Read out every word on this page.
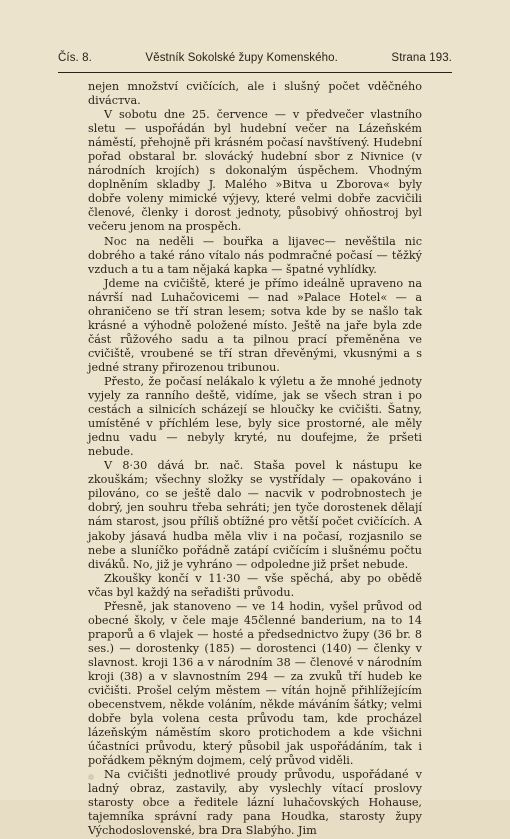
Čís. 8.	Věstník Sokolské župy Komenského.	Strana 193.

nejen množství cvičících, ale i slušný počet vděčného divácтva.

V sobotu dne 25. července — v předvečer vlastního sletu — uspořádán byl hudební večer na Lázeňském náměstí, přehojně při krásném počasí navštívený. Hudební pořad obstaral br. slovácký hudební sbor z Nivnice (v národních krojích) s dokonalým úspěchem. Vhodným doplněním skladby J. Malého »Bitva u Zborova« byly dobře voleny mimické výjevy, které velmi dobře zacvičili členové, členky i dorost jednoty, působivý ohňostroj byl večeru jenom na prospěch.

Noc na neděli — bouřka a lijavec— nevěštila nic dobrého a také ráno vítalo nás podmračné počasí — těžký vzduch a tu a tam nějaká kapka — špatné vyhlídky.

Jdeme na cvičiště, které je přímo ideálně upraveno na návrší nad Luhačovicemi — nad »Palace Hotel« — a ohraničeno se tří stran lesem; sotva kde by se našlo tak krásné a výhodně položené místo. Ještě na jaře byla zde část růžového sadu a ta pilnou prací přeměněna ve cvičiště, vroubené se tří stran dřevěnými, vkusnými a s jedné strany přirozenou tribunou.

Přesto, že počasí nelákalo k výletu a že mnohé jednoty vyjely za ranního deště, vidíme, jak se všech stran i po cestách a silnicích scházejí se hloučky ke cvičišti. Šatny, umístěné v příchlém lese, byly sice prostorné, ale měly jednu vadu — nebyly kryté, nu doufejme, že pršeti nebude.

V 8·30 dává br. nač. Staša povel k nástupu ke zkouškám; všechny složky se vystřídaly — opakováno i pilováno, co se ještě dalo — nacvik v podrobnostech je dobrý, jen souhru třeba sehráti; jen tyče dorostenek dělají nám starost, jsou příliš obtížné pro větší počet cvičících. A jakoby jásavá hudba měla vliv i na počasí, rozjasnilo se nebe a sluníčko pořádně zatápí cvičícím i slušnému počtu diváků. No, již je vyhráno — odpoledne již pršet nebude.

Zkoušky končí v 11·30 — vše spěchá, aby po obědě včas byl každý na seřadišti průvodu.

Přesně, jak stanoveno — ve 14 hodin, vyšel průvod od obecné školy, v čele maje 45členné banderium, na to 14 praporů a 6 vlajek — hosté a předsednictvo župy (36 br. 8 ses.) — dorostenky (185) — dorostenci (140) — členky v slavnost. kroji 136 a v národním 38 — členové v národním kroji (38) a v slavnostním 294 — za zvuků tří hudeb ke cvičišti. Prošel celým městem — vítán hojně přihlížejícím obecenstvem, někde voláním, někde máváním šátky; velmi dobře byla volena cesta průvodu tam, kde procházel lázeňským náměstím skoro protichodem a kde všichni účastníci průvodu, který působil jak uspořádáním, tak i pořádkem pěkným dojmem, celý průvod viděli.

Na cvičišti jednotlivé proudy průvodu, uspořádané v ladný obraz, zastavily, aby vyslechly vítací proslovy starosty obce a ředitele lázní luhačovských Hohause, tajemníka správní rady pana Houdka, starosty župy Východoslovenské, bra Dra Slabýho. Jim
